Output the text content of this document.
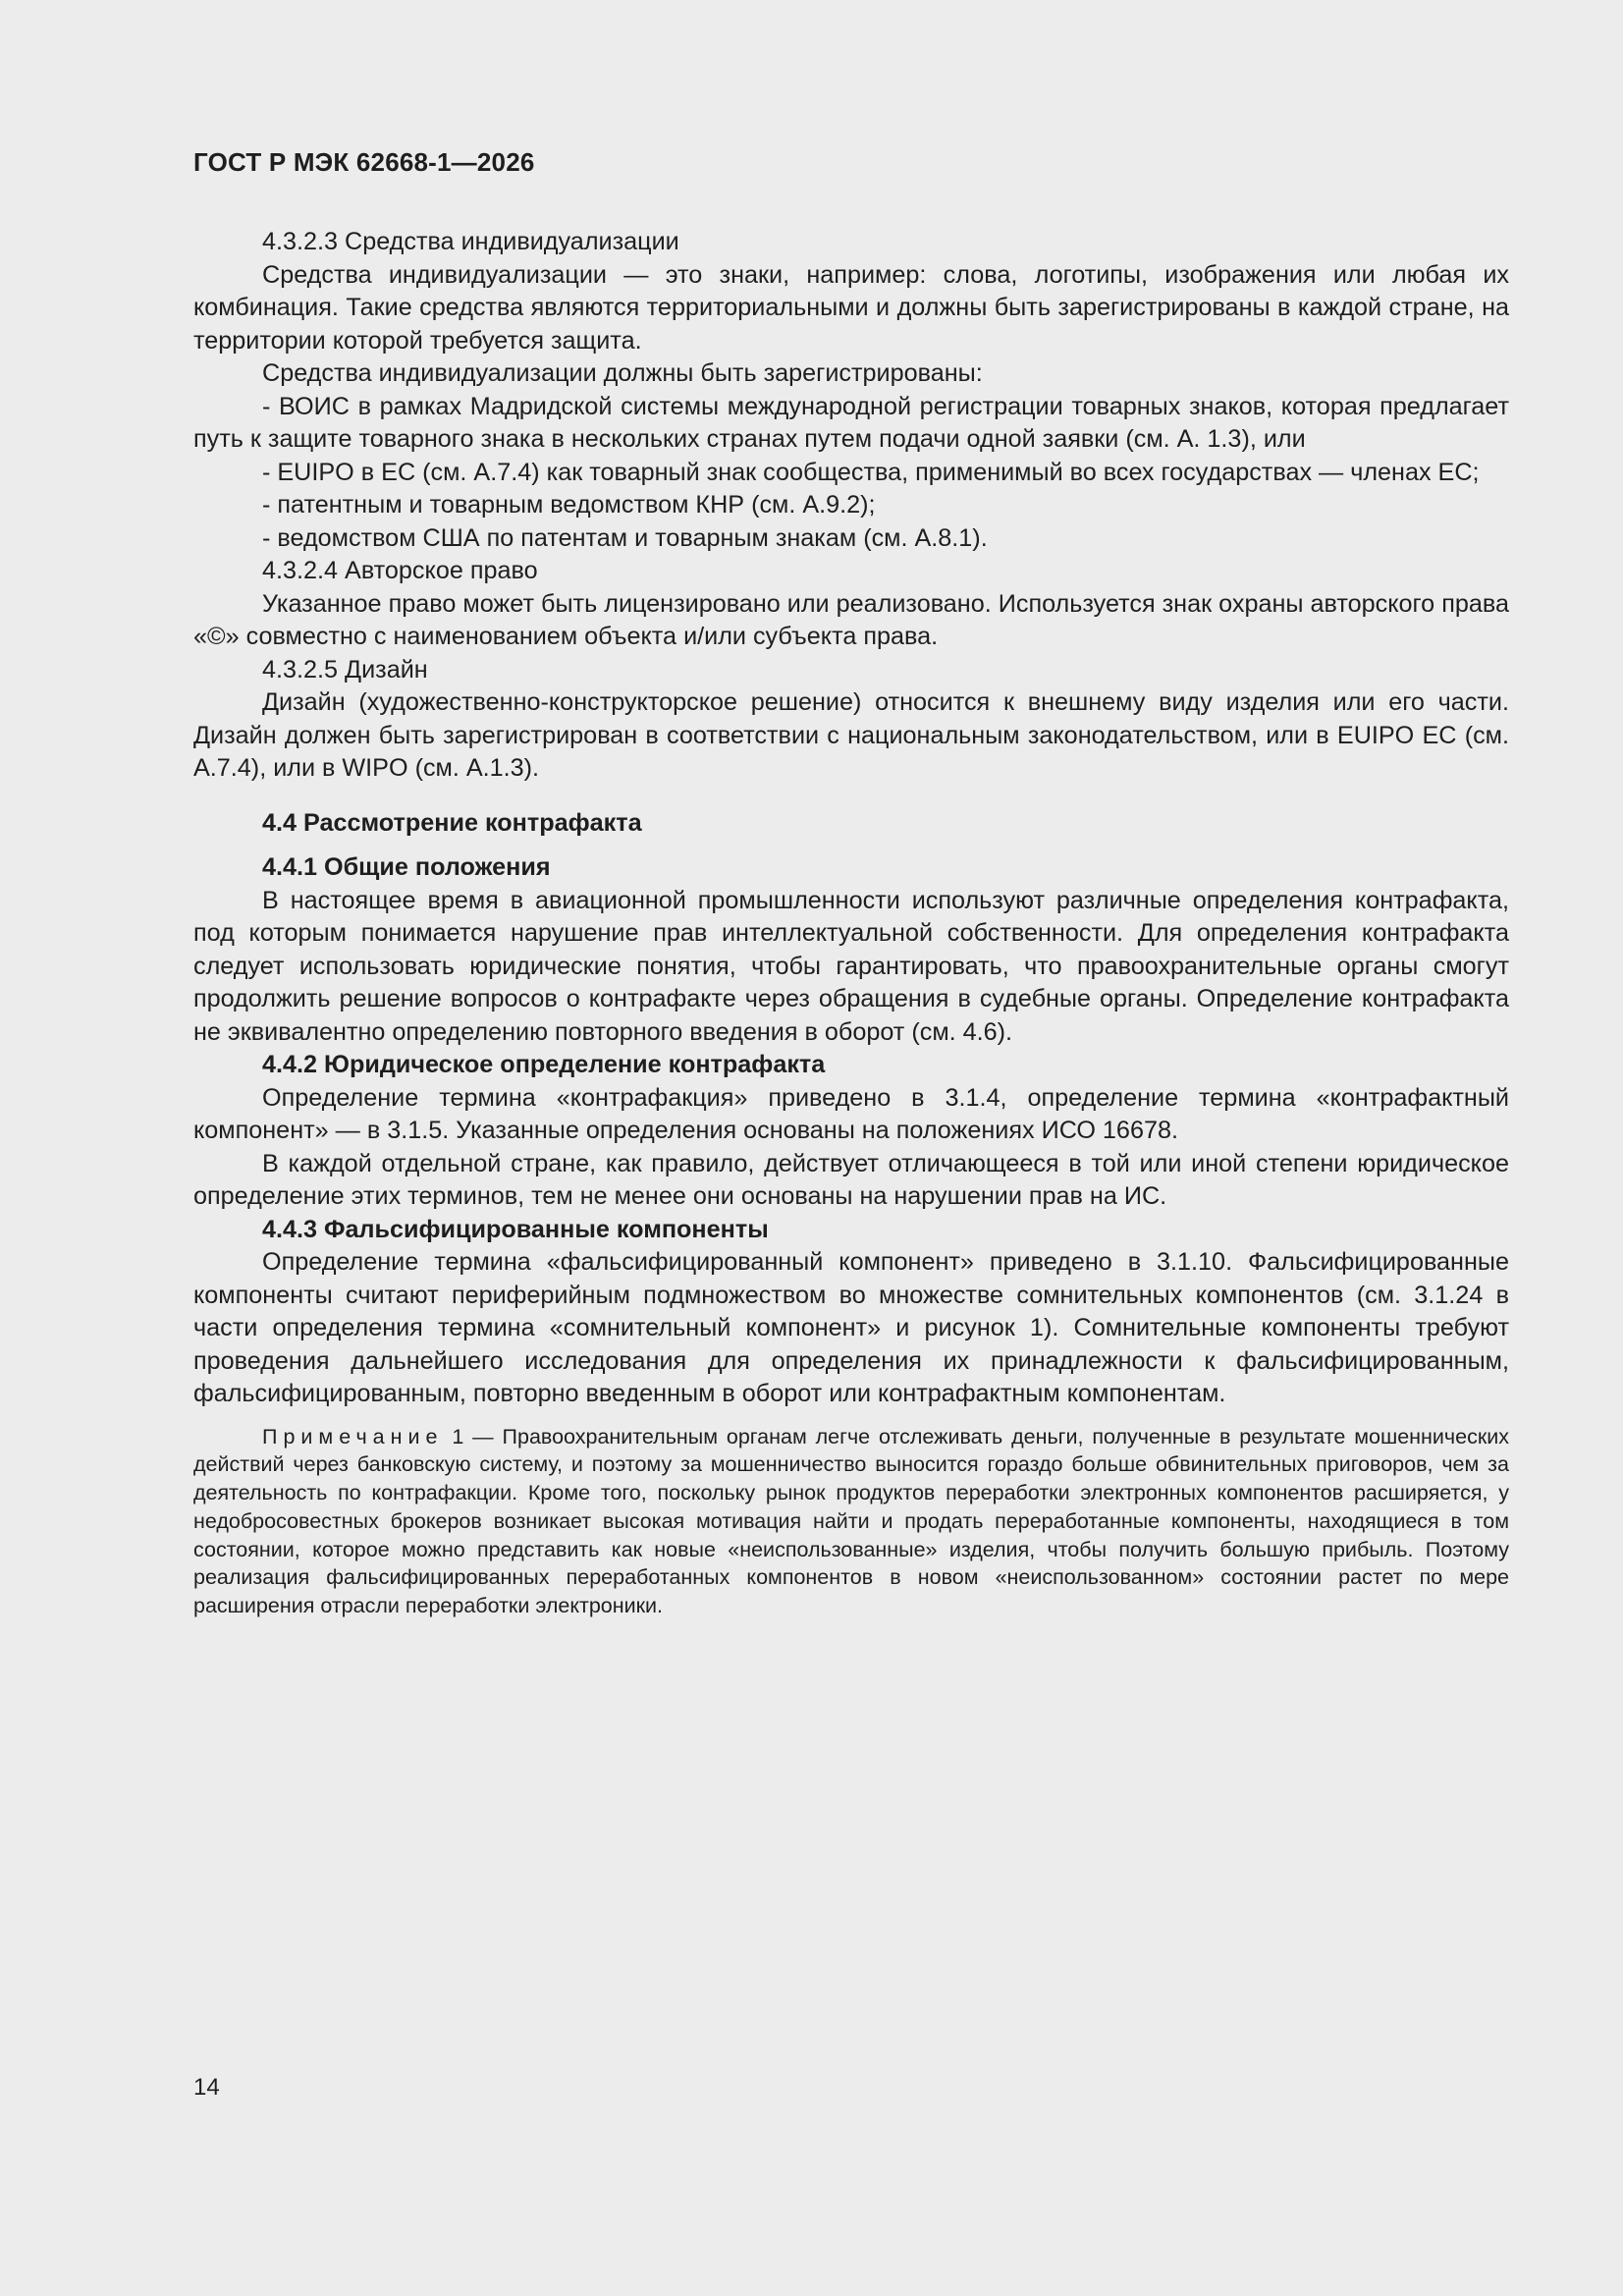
ГОСТ Р МЭК 62668-1—2026

4.3.2.3 Средства индивидуализации

Средства индивидуализации — это знаки, например: слова, логотипы, изображения или любая их комбинация. Такие средства являются территориальными и должны быть зарегистрированы в каждой стране, на территории которой требуется защита.

Средства индивидуализации должны быть зарегистрированы:

- ВОИС в рамках Мадридской системы международной регистрации товарных знаков, которая предлагает путь к защите товарного знака в нескольких странах путем подачи одной заявки (см. А. 1.3), или

- EUIPO в ЕС (см. А.7.4) как товарный знак сообщества, применимый во всех государствах — членах ЕС;

- патентным и товарным ведомством КНР (см. А.9.2);

- ведомством США по патентам и товарным знакам (см. А.8.1).

4.3.2.4 Авторское право

Указанное право может быть лицензировано или реализовано. Используется знак охраны авторского права «©» совместно с наименованием объекта и/или субъекта права.

4.3.2.5 Дизайн

Дизайн (художественно-конструкторское решение) относится к внешнему виду изделия или его части. Дизайн должен быть зарегистрирован в соответствии с национальным законодательством, или в EUIPO ЕС (см. А.7.4), или в WIPO (см. А.1.3).

4.4 Рассмотрение контрафакта

4.4.1 Общие положения

В настоящее время в авиационной промышленности используют различные определения контрафакта, под которым понимается нарушение прав интеллектуальной собственности. Для определения контрафакта следует использовать юридические понятия, чтобы гарантировать, что правоохранительные органы смогут продолжить решение вопросов о контрафакте через обращения в судебные органы. Определение контрафакта не эквивалентно определению повторного введения в оборот (см. 4.6).

4.4.2 Юридическое определение контрафакта

Определение термина «контрафакция» приведено в 3.1.4, определение термина «контрафактный компонент» — в 3.1.5. Указанные определения основаны на положениях ИСО 16678.

В каждой отдельной стране, как правило, действует отличающееся в той или иной степени юридическое определение этих терминов, тем не менее они основаны на нарушении прав на ИС.

4.4.3 Фальсифицированные компоненты

Определение термина «фальсифицированный компонент» приведено в 3.1.10. Фальсифицированные компоненты считают периферийным подмножеством во множестве сомнительных компонентов (см. 3.1.24 в части определения термина «сомнительный компонент» и рисунок 1). Сомнительные компоненты требуют проведения дальнейшего исследования для определения их принадлежности к фальсифицированным, фальсифицированным, повторно введенным в оборот или контрафактным компонентам.

Примечание 1 — Правоохранительным органам легче отслеживать деньги, полученные в результате мошеннических действий через банковскую систему, и поэтому за мошенничество выносится гораздо больше обвинительных приговоров, чем за деятельность по контрафакции. Кроме того, поскольку рынок продуктов переработки электронных компонентов расширяется, у недобросовестных брокеров возникает высокая мотивация найти и продать переработанные компоненты, находящиеся в том состоянии, которое можно представить как новые «неиспользованные» изделия, чтобы получить большую прибыль. Поэтому реализация фальсифицированных переработанных компонентов в новом «неиспользованном» состоянии растет по мере расширения отрасли переработки электроники.
14
